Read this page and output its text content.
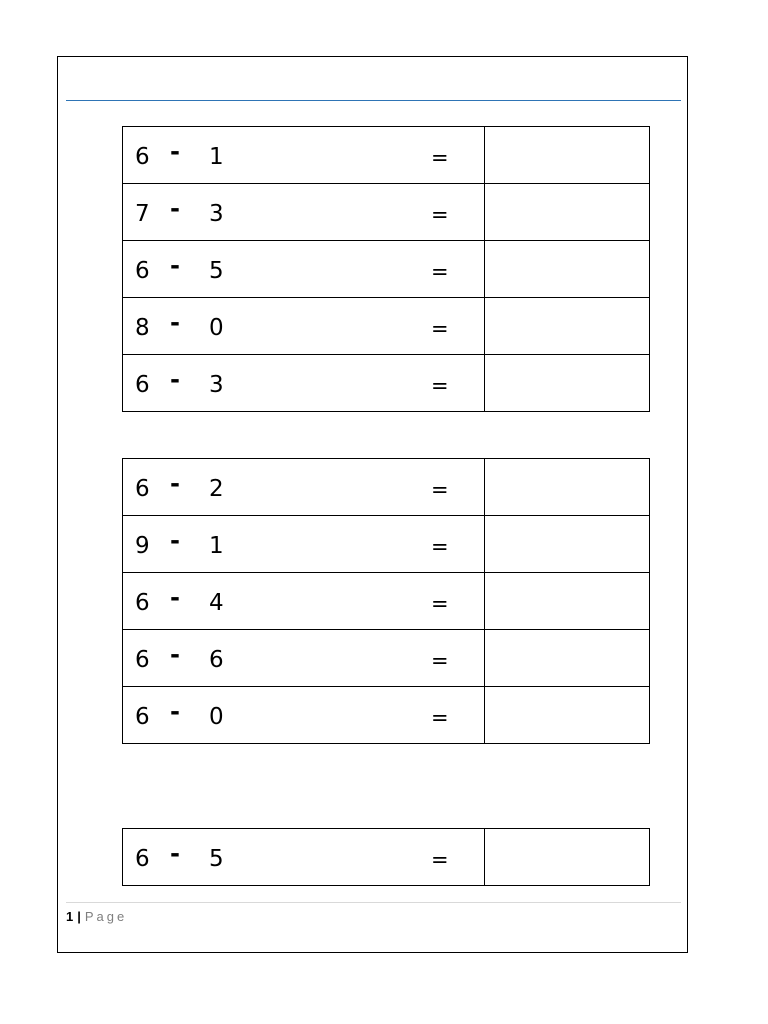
6 - 1 =	

7 - 3 =	

6 - 5 =	

8 - 0 =	

6 - 3 =	

6 - 2 =	

9 - 1 =	

6 - 4 =	

6 - 6 =	

6 - 0 =	

6 - 5	=

1 | Page
